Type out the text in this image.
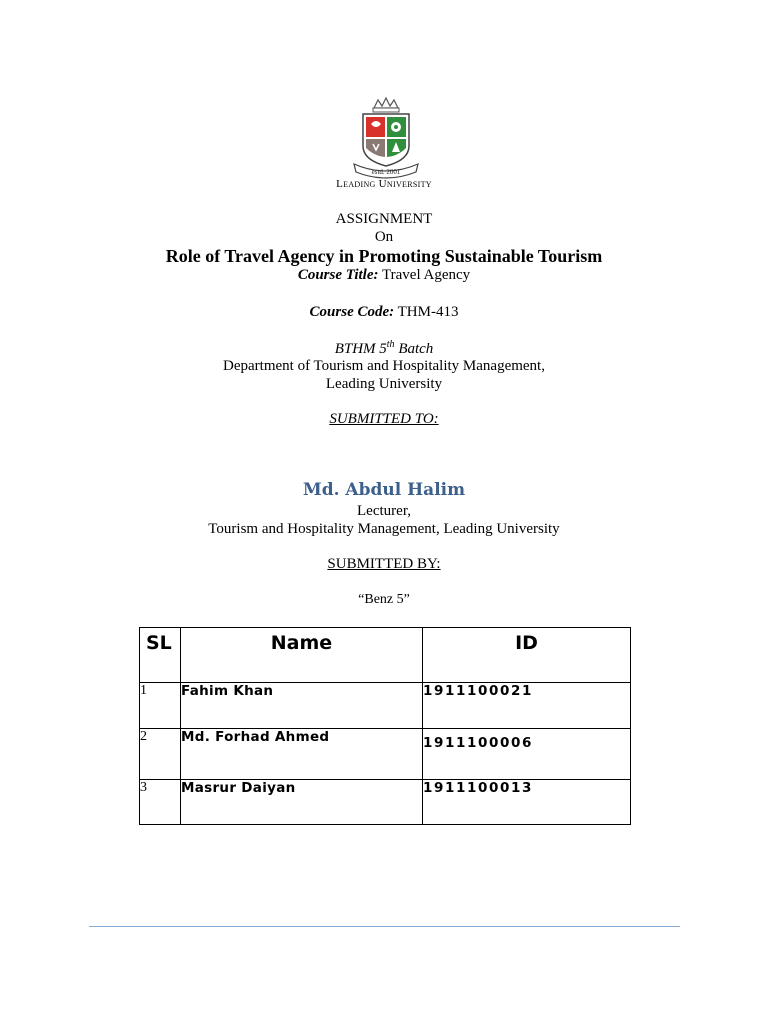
estd. 2001
Leading University
ASSIGNMENT
On
Role of Travel Agency in Promoting Sustainable Tourism
Course Title: Travel Agency
Course Code: THM-413
BTHM 5th Batch
Department of Tourism and Hospitality Management,
Leading University
SUBMITTED TO:
Md. Abdul Halim
Lecturer,
Tourism and Hospitality Management, Leading University
SUBMITTED BY:
“Benz 5”
SL	Name	ID
1	Fahim Khan	1911100021
2	Md. Forhad Ahmed	1911100006
3	Masrur Daiyan	1911100013
